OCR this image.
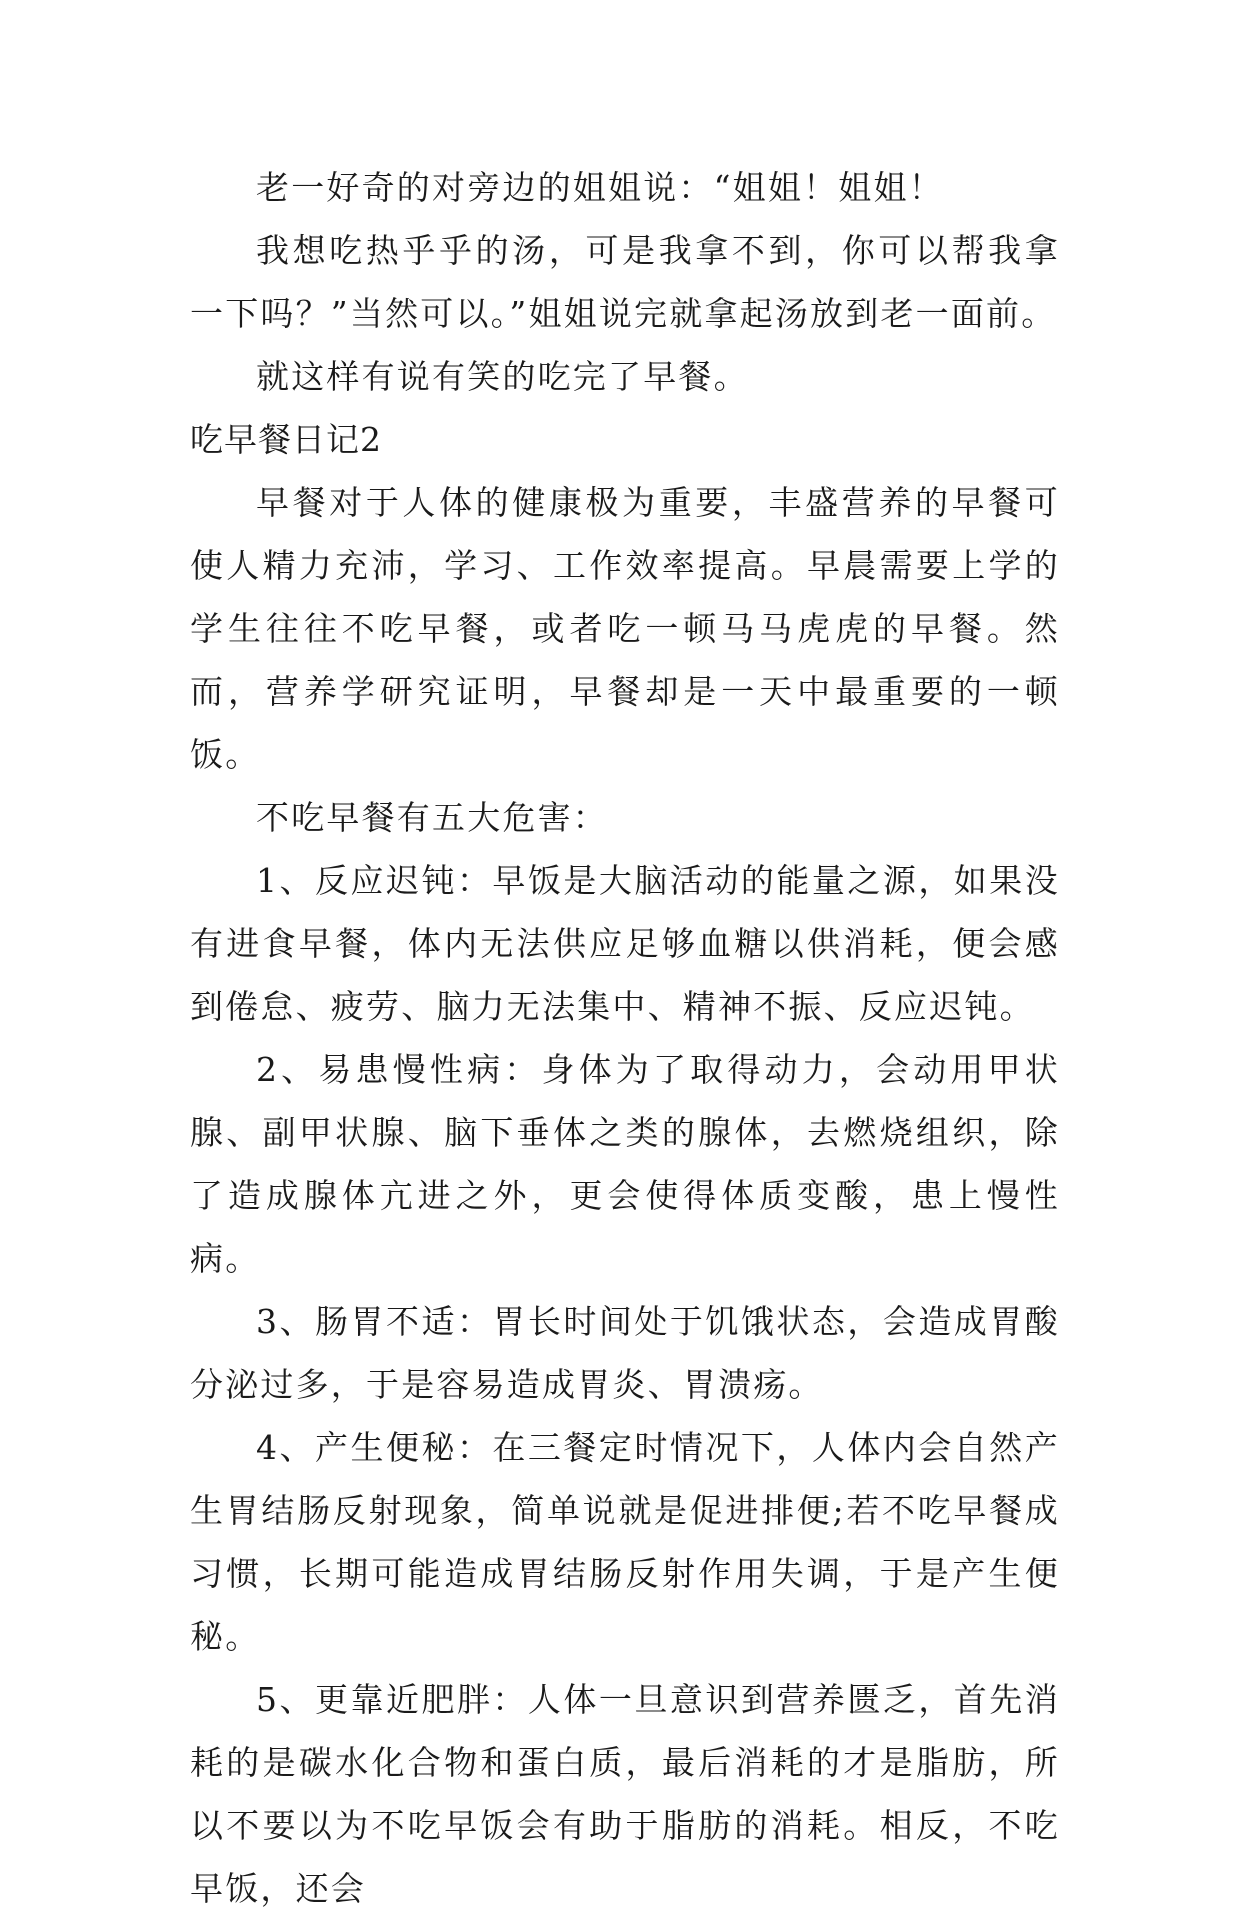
老一好奇的对旁边的姐姐说：“姐姐！姐姐！

我想吃热乎乎的汤，可是我拿不到，你可以帮我拿一下吗？”当然可以。”姐姐说完就拿起汤放到老一面前。

就这样有说有笑的吃完了早餐。

吃早餐日记2

早餐对于人体的健康极为重要，丰盛营养的早餐可使人精力充沛，学习、工作效率提高。早晨需要上学的学生往往不吃早餐，或者吃一顿马马虎虎的早餐。然而，营养学研究证明，早餐却是一天中最重要的一顿饭。

不吃早餐有五大危害：

1、反应迟钝：早饭是大脑活动的能量之源，如果没有进食早餐，体内无法供应足够血糖以供消耗，便会感到倦怠、疲劳、脑力无法集中、精神不振、反应迟钝。

2、易患慢性病：身体为了取得动力，会动用甲状腺、副甲状腺、脑下垂体之类的腺体，去燃烧组织，除了造成腺体亢进之外，更会使得体质变酸，患上慢性病。

3、肠胃不适：胃长时间处于饥饿状态，会造成胃酸分泌过多，于是容易造成胃炎、胃溃疡。

4、产生便秘：在三餐定时情况下，人体内会自然产生胃结肠反射现象，简单说就是促进排便;若不吃早餐成习惯，长期可能造成胃结肠反射作用失调，于是产生便秘。

5、更靠近肥胖：人体一旦意识到营养匮乏，首先消耗的是碳水化合物和蛋白质，最后消耗的才是脂肪，所以不要以为不吃早饭会有助于脂肪的消耗。相反，不吃早饭，还会
